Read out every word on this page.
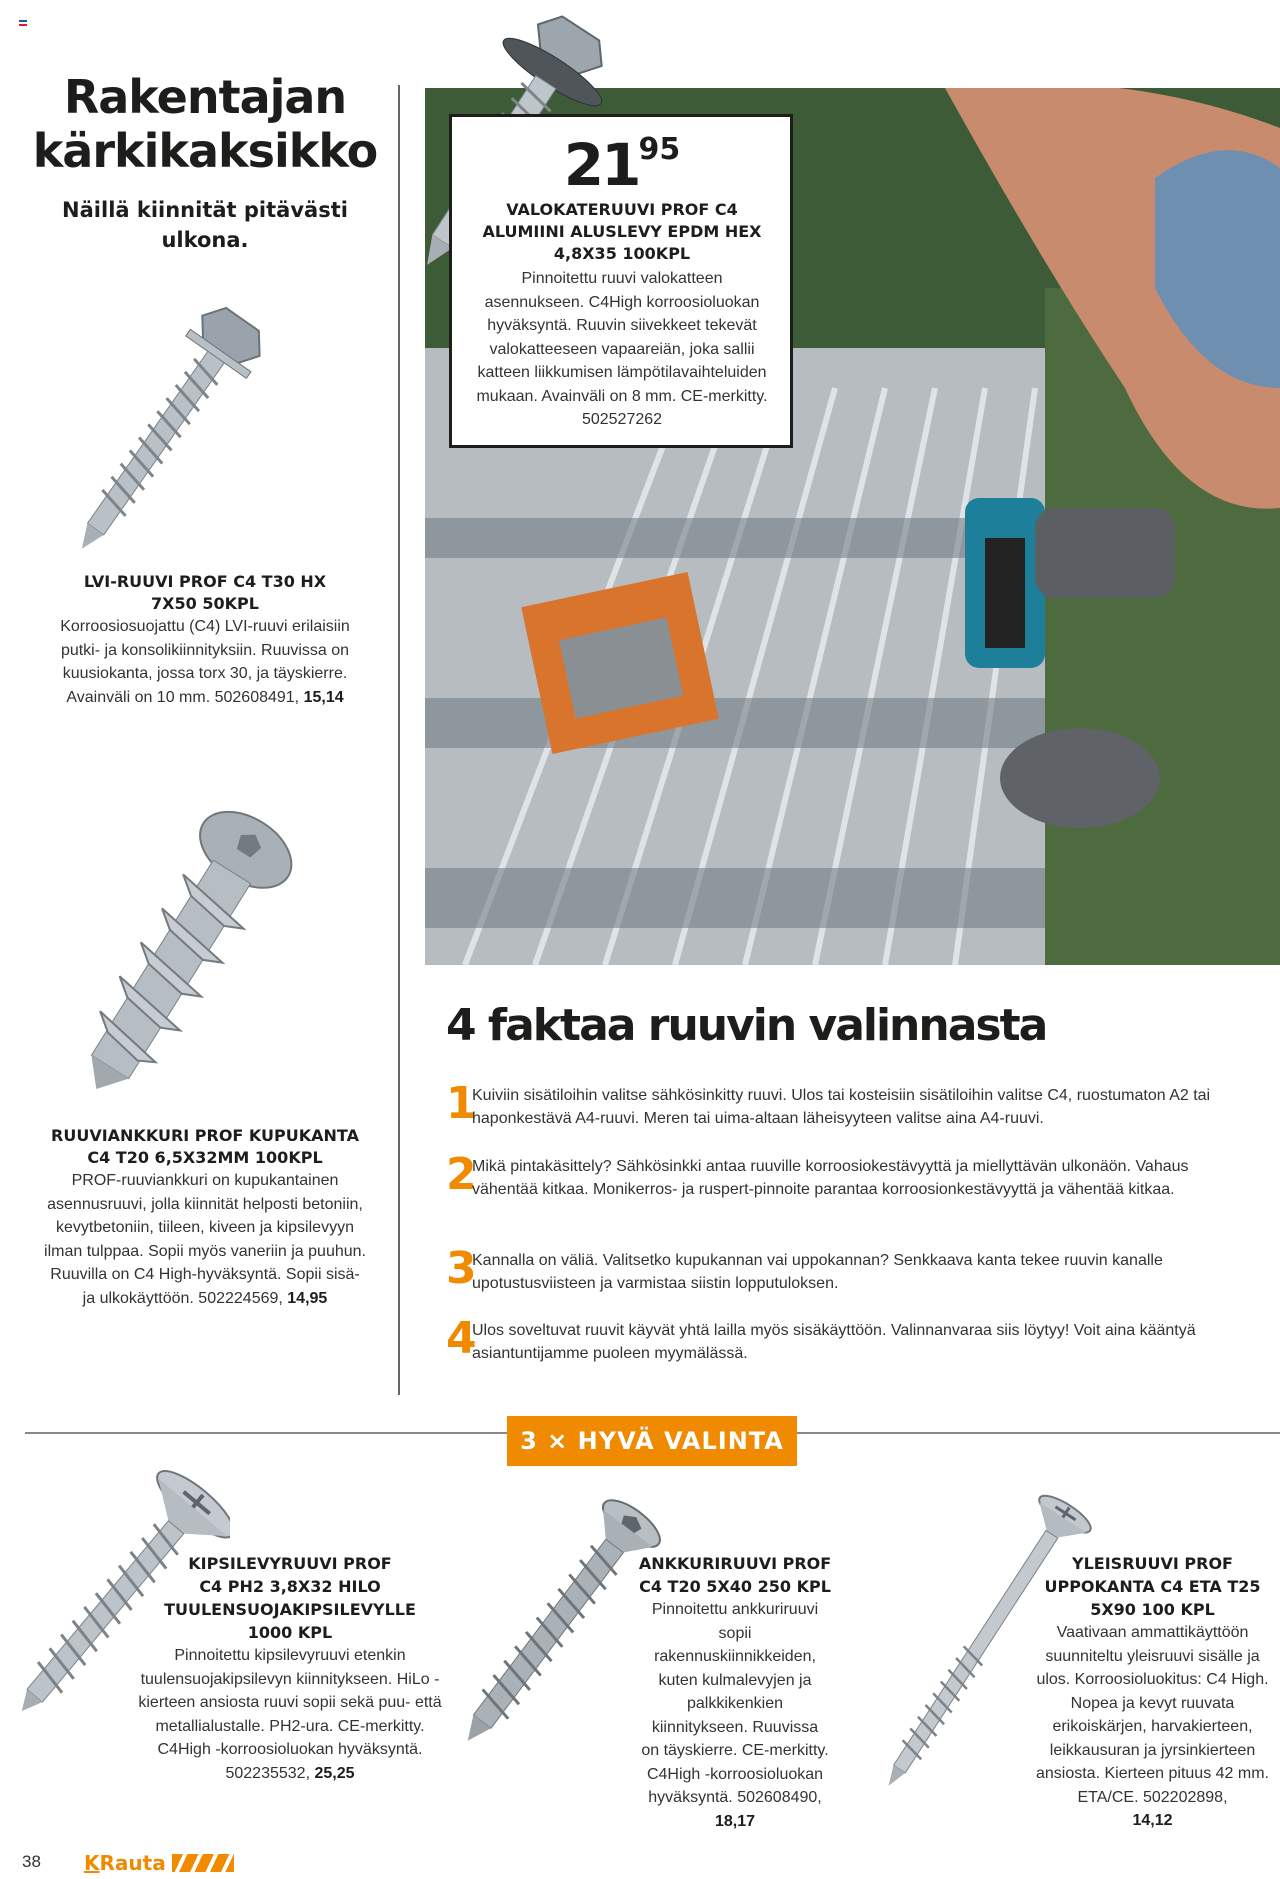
Rakentajan
kärkikaksikko
Näillä kiinnität pitävästi
ulkona.

LVI-RUUVI PROF C4 T30 HX
7X50 50KPL

Korroosiosuojattu (C4) LVI-ruuvi erilaisiin putki- ja konsolikiinnityksiin. Ruuvissa on kuusiokanta, jossa torx 30, ja täyskierre. Avainväli on 10 mm. 502608491, 15,14

RUUVIANKKURI PROF KUPUKANTA
C4 T20 6,5X32MM 100KPL

PROF-ruuviankkuri on kupukantainen asennusruuvi, jolla kiinnität helposti betoniin, kevytbetoniin, tiileen, kiveen ja kipsilevyyn ilman tulppaa. Sopii myös vaneriin ja puuhun. Ruuvilla on C4 High-hyväksyntä. Sopii sisä- ja ulkokäyttöön. 502224569, 14,95

2195

VALOKATERUUVI PROF C4
ALUMIINI ALUSLEVY EPDM HEX
4,8X35 100KPL

Pinnoitettu ruuvi valokatteen asennukseen. C4High korroosioluokan hyväksyntä. Ruuvin siivekkeet tekevät valokatteeseen vapaareiän, joka sallii katteen liikkumisen lämpötilavaihteluiden mukaan. Avainväli on 8 mm. CE-merkitty. 502527262

4 faktaa ruuvin valinnasta
1
Kuiviin sisätiloihin valitse sähkösinkitty ruuvi. Ulos tai kosteisiin sisätiloihin valitse C4, ruostumaton A2 tai haponkestävä A4-ruuvi. Meren tai uima-altaan läheisyyteen valitse aina A4-ruuvi.
2
Mikä pintakäsittely? Sähkösinkki antaa ruuville korroosiokestävyyttä ja miellyttävän ulkonäön. Vahaus vähentää kitkaa. Monikerros- ja ruspert-pinnoite parantaa korroosionkestävyyttä ja vähentää kitkaa.
3
Kannalla on väliä. Valitsetko kupukannan vai uppokannan? Senkkaava kanta tekee ruuvin kanalle upotustusviisteen ja varmistaa siistin lopputuloksen.
4
Ulos soveltuvat ruuvit käyvät yhtä lailla myös sisäkäyttöön. Valinnanvaraa siis löytyy! Voit aina kääntyä asiantuntijamme puoleen myymälässä.
3 × HYVÄ VALINTA

KIPSILEVYRUUVI PROF
C4 PH2 3,8X32 HILO
TUULENSUOJAKIPSILEVYLLE
1000 KPL

Pinnoitettu kipsilevyruuvi etenkin tuulensuojakipsilevyn kiinnitykseen. HiLo -kierteen ansiosta ruuvi sopii sekä puu- että metallialustalle. PH2-ura. CE-merkitty. C4High -korroosioluokan hyväksyntä. 502235532, 25,25

ANKKURIRUUVI PROF
C4 T20 5X40 250 KPL

Pinnoitettu ankkuriruuvi sopii rakennuskiinnikkeiden, kuten kulmalevyjen ja palkkikenkien kiinnitykseen. Ruuvissa on täyskierre. CE-merkitty. C4High -korroosioluokan hyväksyntä. 502608490,
18,17

YLEISRUUVI PROF
UPPOKANTA C4 ETA T25
5X90 100 KPL

Vaativaan ammattikäyttöön suunniteltu yleisruuvi sisälle ja ulos. Korroosioluokitus: C4 High. Nopea ja kevyt ruuvata erikoiskärjen, harvakierteen, leikkausuran ja jyrsinkierteen ansiosta. Kierteen pituus 42 mm. ETA/CE. 502202898,
14,12

38 K Rauta
